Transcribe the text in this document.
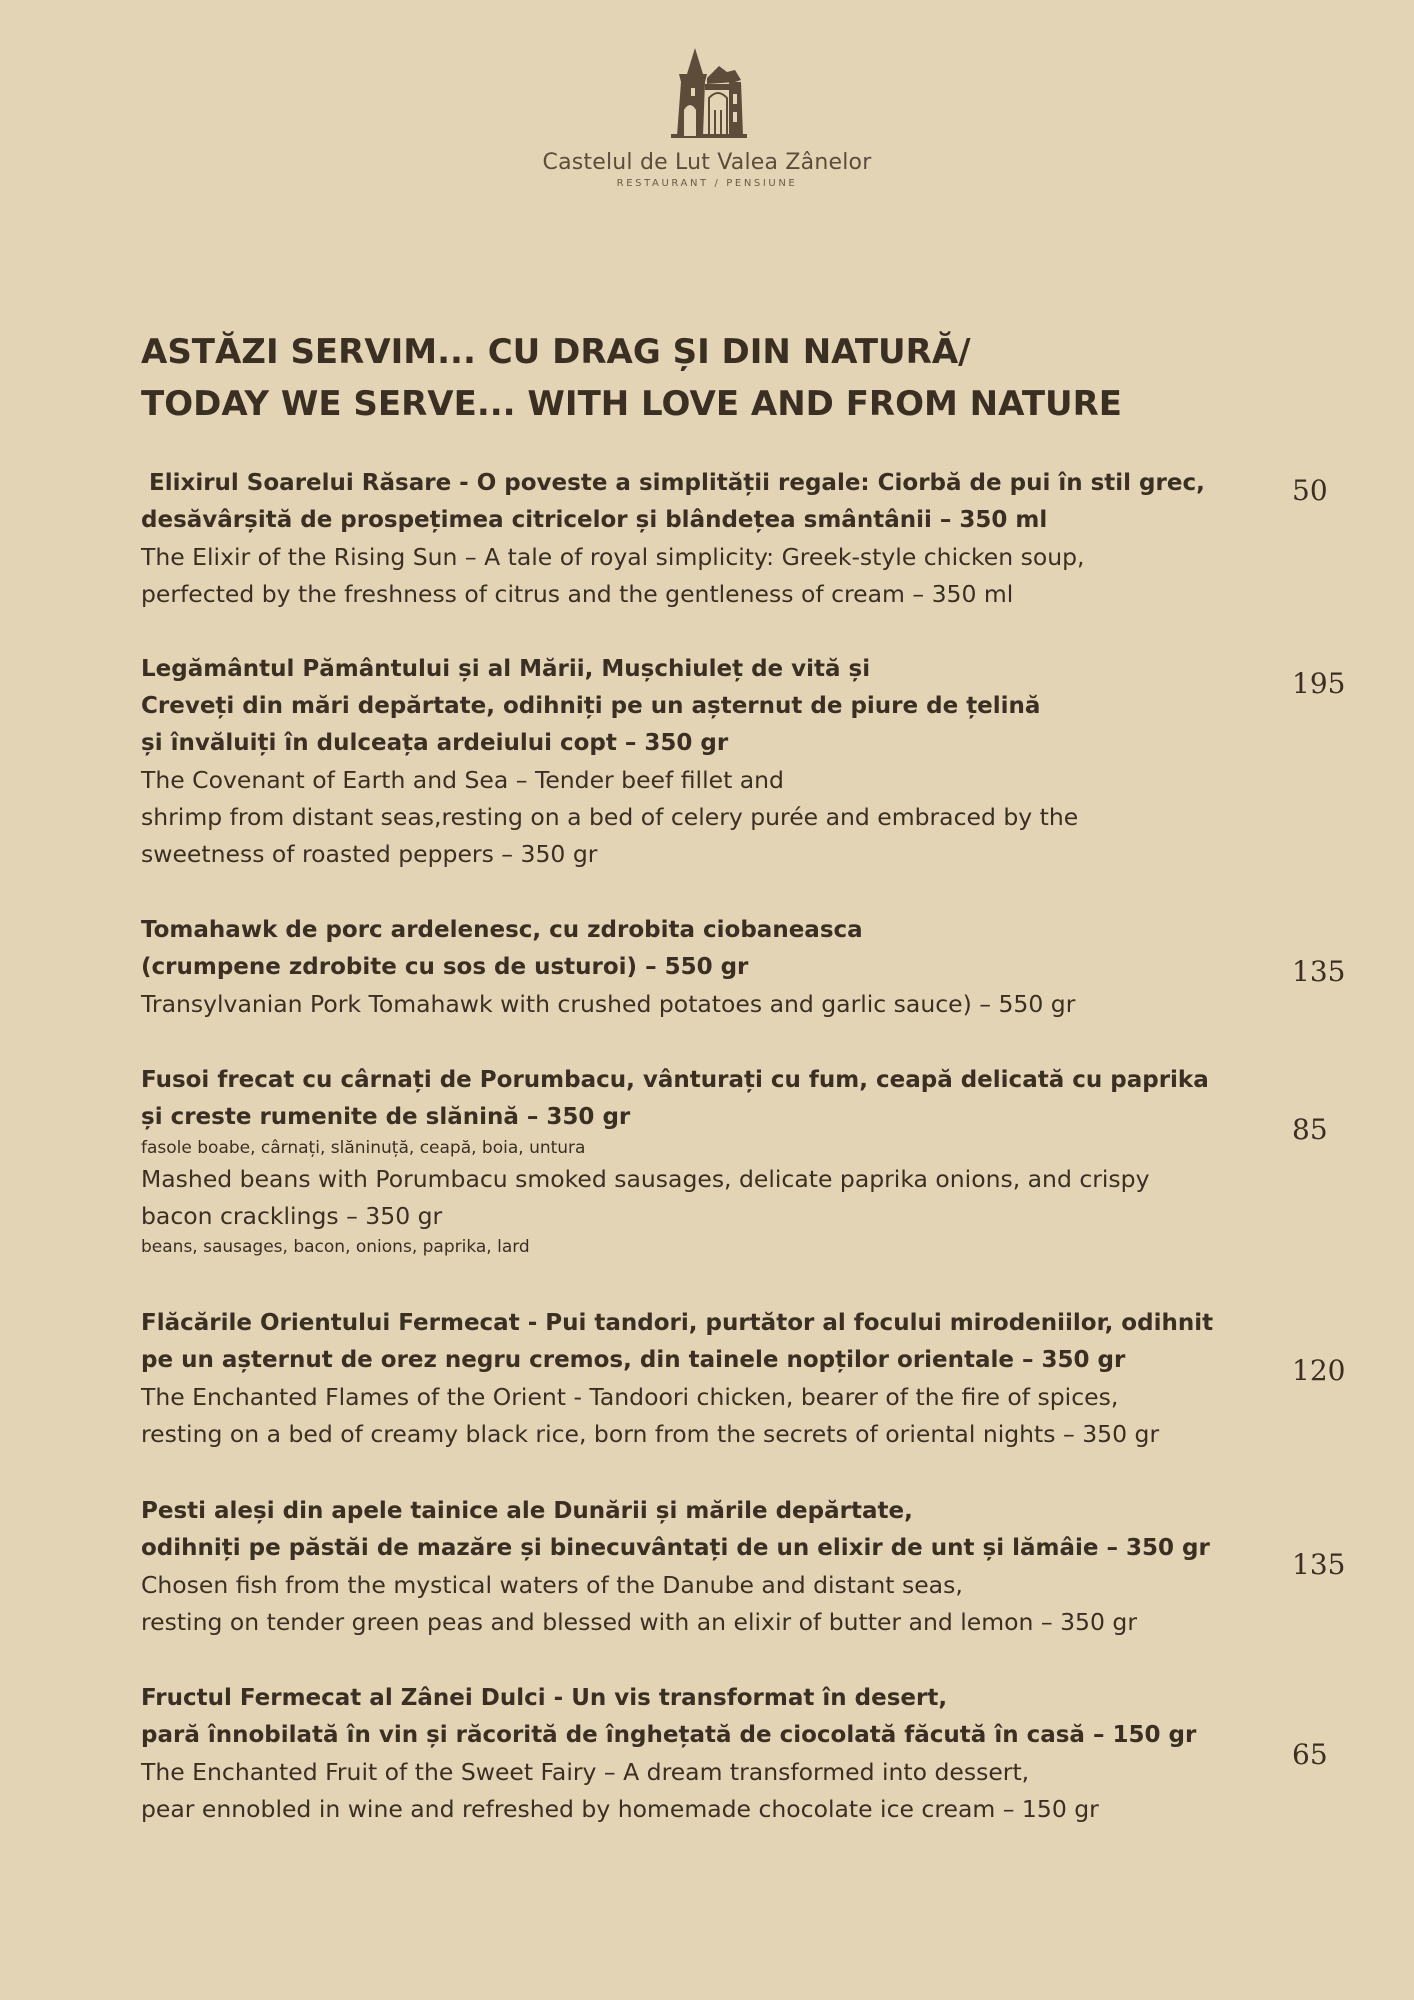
Castelul de Lut Valea Zânelor
RESTAURANT / PENSIUNE
ASTĂZI SERVIM... CU DRAG ȘI DIN NATURĂ/
TODAY WE SERVE... WITH LOVE AND FROM NATURE
Elixirul Soarelui Răsare - O poveste a simplității regale: Ciorbă de pui în stil grec,
desăvârșită de prospețimea citricelor și blândețea smântânii – 350 ml
The Elixir of the Rising Sun – A tale of royal simplicity: Greek-style chicken soup,
perfected by the freshness of citrus and the gentleness of cream – 350 ml
50
Legământul Pământului și al Mării, Mușchiuleț de vită și
Creveți din mări depărtate, odihniți pe un așternut de piure de țelină
și învăluiți în dulceața ardeiului copt – 350 gr
The Covenant of Earth and Sea – Tender beef fillet and
shrimp from distant seas,resting on a bed of celery purée and embraced by the
sweetness of roasted peppers – 350 gr
195
Tomahawk de porc ardelenesc, cu zdrobita ciobaneasca
(crumpene zdrobite cu sos de usturoi) – 550 gr
Transylvanian Pork Tomahawk with crushed potatoes and garlic sauce) – 550 gr
135
Fusoi frecat cu cârnați de Porumbacu, vânturați cu fum, ceapă delicată cu paprika
și creste rumenite de slănină – 350 gr
fasole boabe, cârnați, slăninuță, ceapă, boia, untura
Mashed beans with Porumbacu smoked sausages, delicate paprika onions, and crispy
bacon cracklings – 350 gr
beans, sausages, bacon, onions, paprika, lard
85
Flăcările Orientului Fermecat - Pui tandori, purtător al focului mirodeniilor, odihnit
pe un așternut de orez negru cremos, din tainele nopților orientale – 350 gr
The Enchanted Flames of the Orient - Tandoori chicken, bearer of the fire of spices,
resting on a bed of creamy black rice, born from the secrets of oriental nights – 350 gr
120
Pesti aleși din apele tainice ale Dunării și mările depărtate,
odihniți pe păstăi de mazăre și binecuvântați de un elixir de unt și lămâie – 350 gr
Chosen fish from the mystical waters of the Danube and distant seas,
resting on tender green peas and blessed with an elixir of butter and lemon – 350 gr
135
Fructul Fermecat al Zânei Dulci - Un vis transformat în desert,
pară înnobilată în vin și răcorită de înghețată de ciocolată făcută în casă – 150 gr
The Enchanted Fruit of the Sweet Fairy – A dream transformed into dessert,
pear ennobled in wine and refreshed by homemade chocolate ice cream – 150 gr
65
